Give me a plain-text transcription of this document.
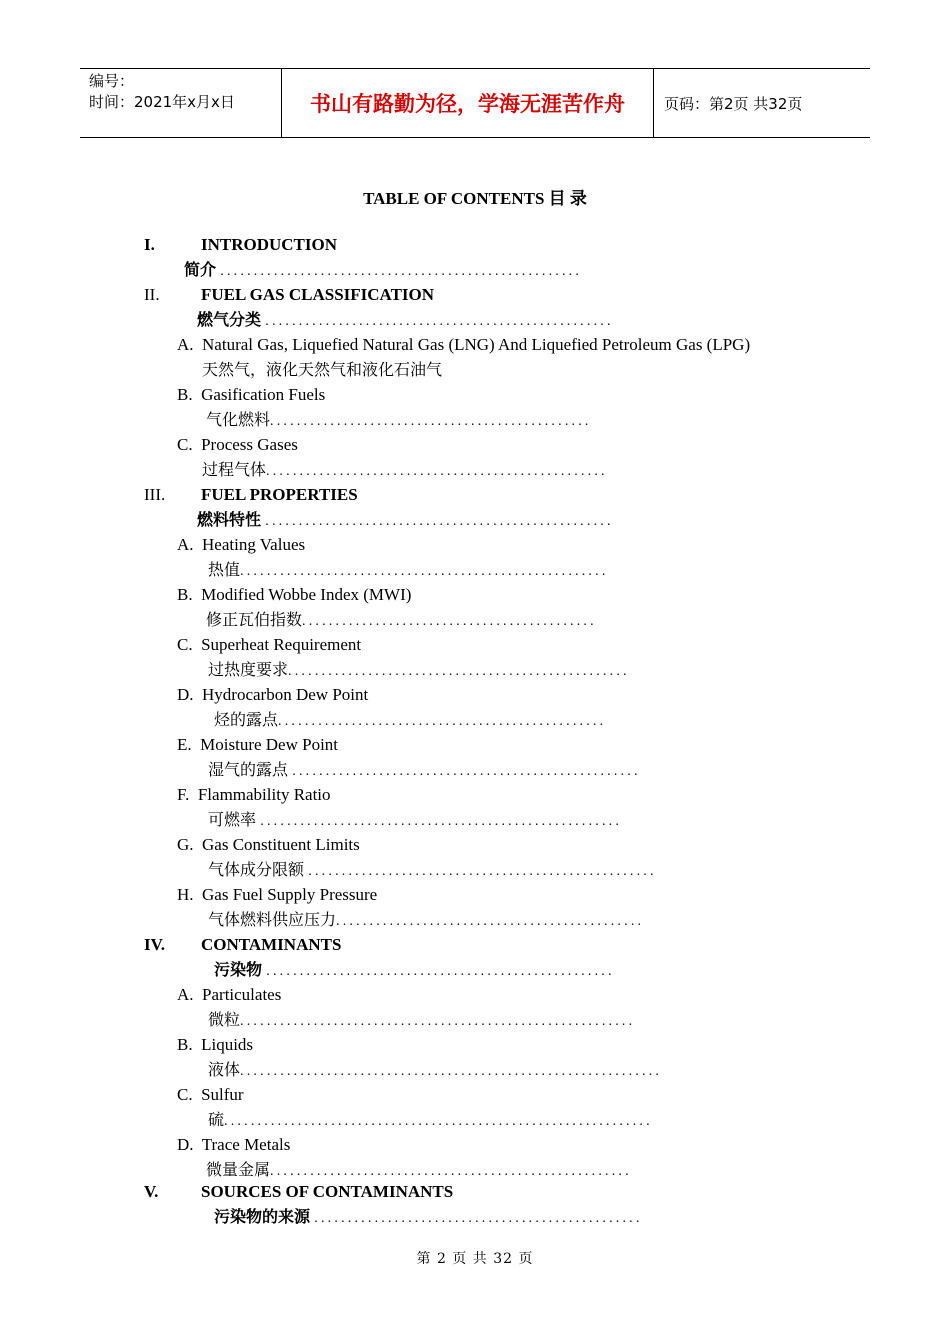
编号：
时间：2021年x月x日	书山有路勤为径，学海无涯苦作舟	页码：第2页 共32页
TABLE OF CONTENTS 目 录
I.	INTRODUCTION
简介 ......................................................
II. FUEL GAS CLASSIFICATION
燃气分类 ....................................................
A. Natural Gas, Liquefied Natural Gas (LNG) And Liquefied Petroleum Gas (LPG)
天然气，液化天然气和液化石油气
B. Gasification Fuels
气化燃料................................................
C. Process Gases
过程气体...................................................
III. FUEL PROPERTIES
燃料特性 ....................................................
A. Heating Values
热值.......................................................
B. Modified Wobbe Index (MWI)
修正瓦伯指数............................................
C. Superheat Requirement
过热度要求...................................................
D. Hydrocarbon Dew Point
烃的露点.................................................
E. Moisture Dew Point
湿气的露点 ....................................................
F. Flammability Ratio
可燃率 ......................................................
G. Gas Constituent Limits
气体成分限额 ....................................................
H. Gas Fuel Supply Pressure
气体燃料供应压力..............................................
IV. CONTAMINANTS
污染物 ....................................................
A. Particulates
微粒...........................................................
B. Liquids
液体...............................................................
C. Sulfur
硫................................................................
D. Trace Metals
微量金属......................................................
V.	SOURCES OF CONTAMINANTS
污染物的来源 .................................................
第 2 页 共 32 页
